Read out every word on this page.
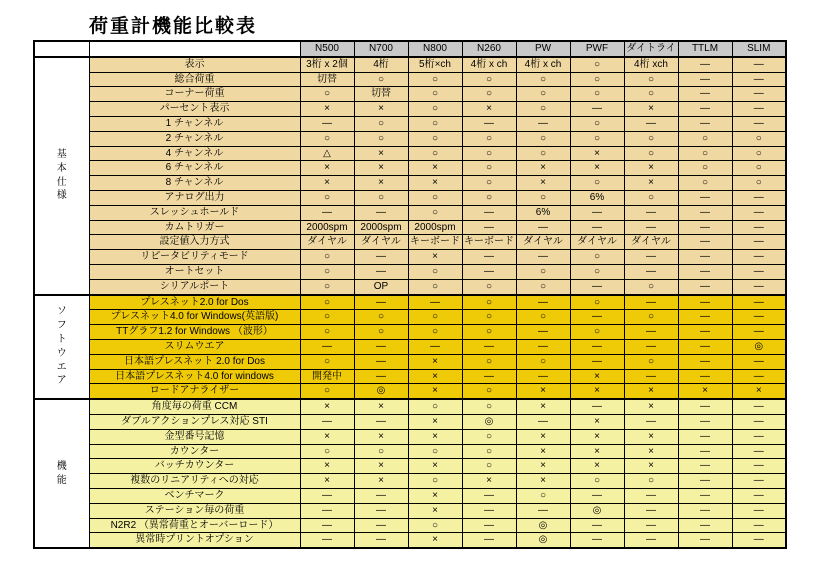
荷重計機能比較表
		N500	N700	N800	N260	PW	PWF	ダイトライ	TTLM	SLIM

基
本
仕
様	表示	3桁 x 2個	4桁	5桁×ch	4桁 x ch	4桁 x ch	○	4桁 xch	―	―
	総合荷重	切替	○	○	○	○	○	○	―	―
	コーナー荷重	○	切替	○	○	○	○	○	―	―
	パーセント表示	×	×	○	×	○	―	×	―	―
	1 チャンネル	―	○	○	―	―	○	―	―	―
	2 チャンネル	○	○	○	○	○	○	○	○	○
	4 チャンネル	△	×	○	○	○	×	○	○	○
	6 チャンネル	×	×	×	○	×	×	×	○	○
	8 チャンネル	×	×	×	○	×	○	×	○	○
	アナログ出力	○	○	○	○	○	6%	○	―	―
	スレッシュホールド	―	―	○	―	6%	―	―	―	―
	カムトリガー	2000spm	2000spm	2000spm	―	―	―	―	―	―
	設定値入力方式	ダイヤル	ダイヤル	キーボード	キーボード	ダイヤル	ダイヤル	ダイヤル	―	―
	リピータビリティモード	○	―	×	―	―	○	―	―	―
	オートセット	○	―	○	―	○	○	―	―	―
	シリアルポート	○	OP	○	○	○	―	○	―	―

ソ
フ
ト
ウ
エ
ア
	プレスネット2.0 for Dos	○	―	―	○	―	○	―	―	―
	プレスネット4.0 for Windows(英語版)	○	○	○	○	○	―	○	―	―
	TTグラフ1.2 for Windows （波形）	○	○	○	○	―	○	―	―	―
	スリムウエア	―	―	―	―	―	―	―	―	◎
	日本語プレスネット 2.0 for Dos	○	―	×	○	○	―	○	―	―
	日本語プレスネット4.0 for windows	開発中	―	×	―	―	×	―	―	―
	ロードアナライザー	○	◎	×	○	×	×	×	×	×

機
能	角度毎の荷重 CCM	×	×	○	○	×	―	×	―	―
	ダブルアクションプレス対応 STI	―	―	×	◎	―	×	―	―	―
	金型番号記憶	×	×	×	○	×	×	×	―	―
	カウンター	○	○	○	○	×	×	×	―	―
	バッチカウンター	×	×	×	○	×	×	×	―	―
	複数のリニアリティへの対応	×	×	○	×	×	○	○	―	―
	ベンチマーク	―	―	×	―	○	―	―	―	―
	ステーション毎の荷重	―	―	×	―	―	◎	―	―	―
	N2R2 （異常荷重とオーバーロード）	―	―	○	―	◎	―	―	―	―
	異常時プリントオプション	―	―	×	―	◎	―	―	―	―
